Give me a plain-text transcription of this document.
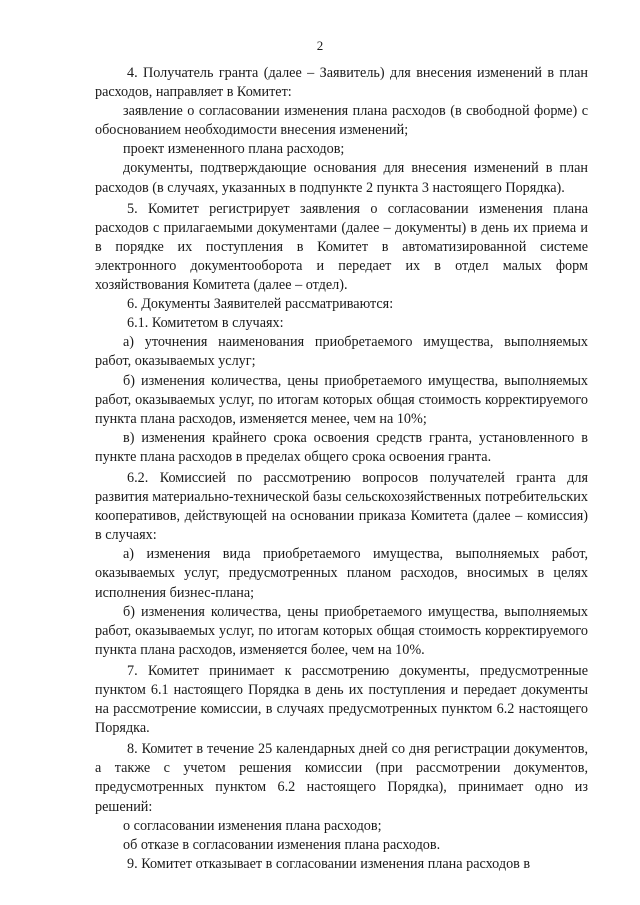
2

4. Получатель гранта (далее – Заявитель) для внесения изменений в план расходов, направляет в Комитет:

заявление о согласовании изменения плана расходов (в свободной форме) с обоснованием необходимости внесения изменений;

проект измененного плана расходов;

документы, подтверждающие основания для внесения изменений в план расходов (в случаях, указанных в подпункте 2 пункта 3 настоящего Порядка).

5. Комитет регистрирует заявления о согласовании изменения плана расходов с прилагаемыми документами (далее – документы) в день их приема и в порядке их поступления в Комитет в автоматизированной системе электронного документооборота и передает их в отдел малых форм хозяйствования Комитета (далее – отдел).

6. Документы Заявителей рассматриваются:

6.1. Комитетом в случаях:

а) уточнения наименования приобретаемого имущества, выполняемых работ, оказываемых услуг;

б) изменения количества, цены приобретаемого имущества, выполняемых работ, оказываемых услуг, по итогам которых общая стоимость корректируемого пункта плана расходов, изменяется менее, чем на 10%;

в) изменения крайнего срока освоения средств гранта, установленного в пункте плана расходов в пределах общего срока освоения гранта.

6.2. Комиссией по рассмотрению вопросов получателей гранта для развития материально-технической базы сельскохозяйственных потребительских кооперативов, действующей на основании приказа Комитета (далее – комиссия) в случаях:

а) изменения вида приобретаемого имущества, выполняемых работ, оказываемых услуг, предусмотренных планом расходов, вносимых в целях исполнения бизнес-плана;

б) изменения количества, цены приобретаемого имущества, выполняемых работ, оказываемых услуг, по итогам которых общая стоимость корректируемого пункта плана расходов, изменяется более, чем на 10%.

7. Комитет принимает к рассмотрению документы, предусмотренные пунктом 6.1 настоящего Порядка в день их поступления и передает документы на рассмотрение комиссии, в случаях предусмотренных пунктом 6.2 настоящего Порядка.

8. Комитет в течение 25 календарных дней со дня регистрации документов, а также с учетом решения комиссии (при рассмотрении документов, предусмотренных пунктом 6.2 настоящего Порядка), принимает одно из решений:

о согласовании изменения плана расходов;

об отказе в согласовании изменения плана расходов.

9. Комитет отказывает в согласовании изменения плана расходов в
